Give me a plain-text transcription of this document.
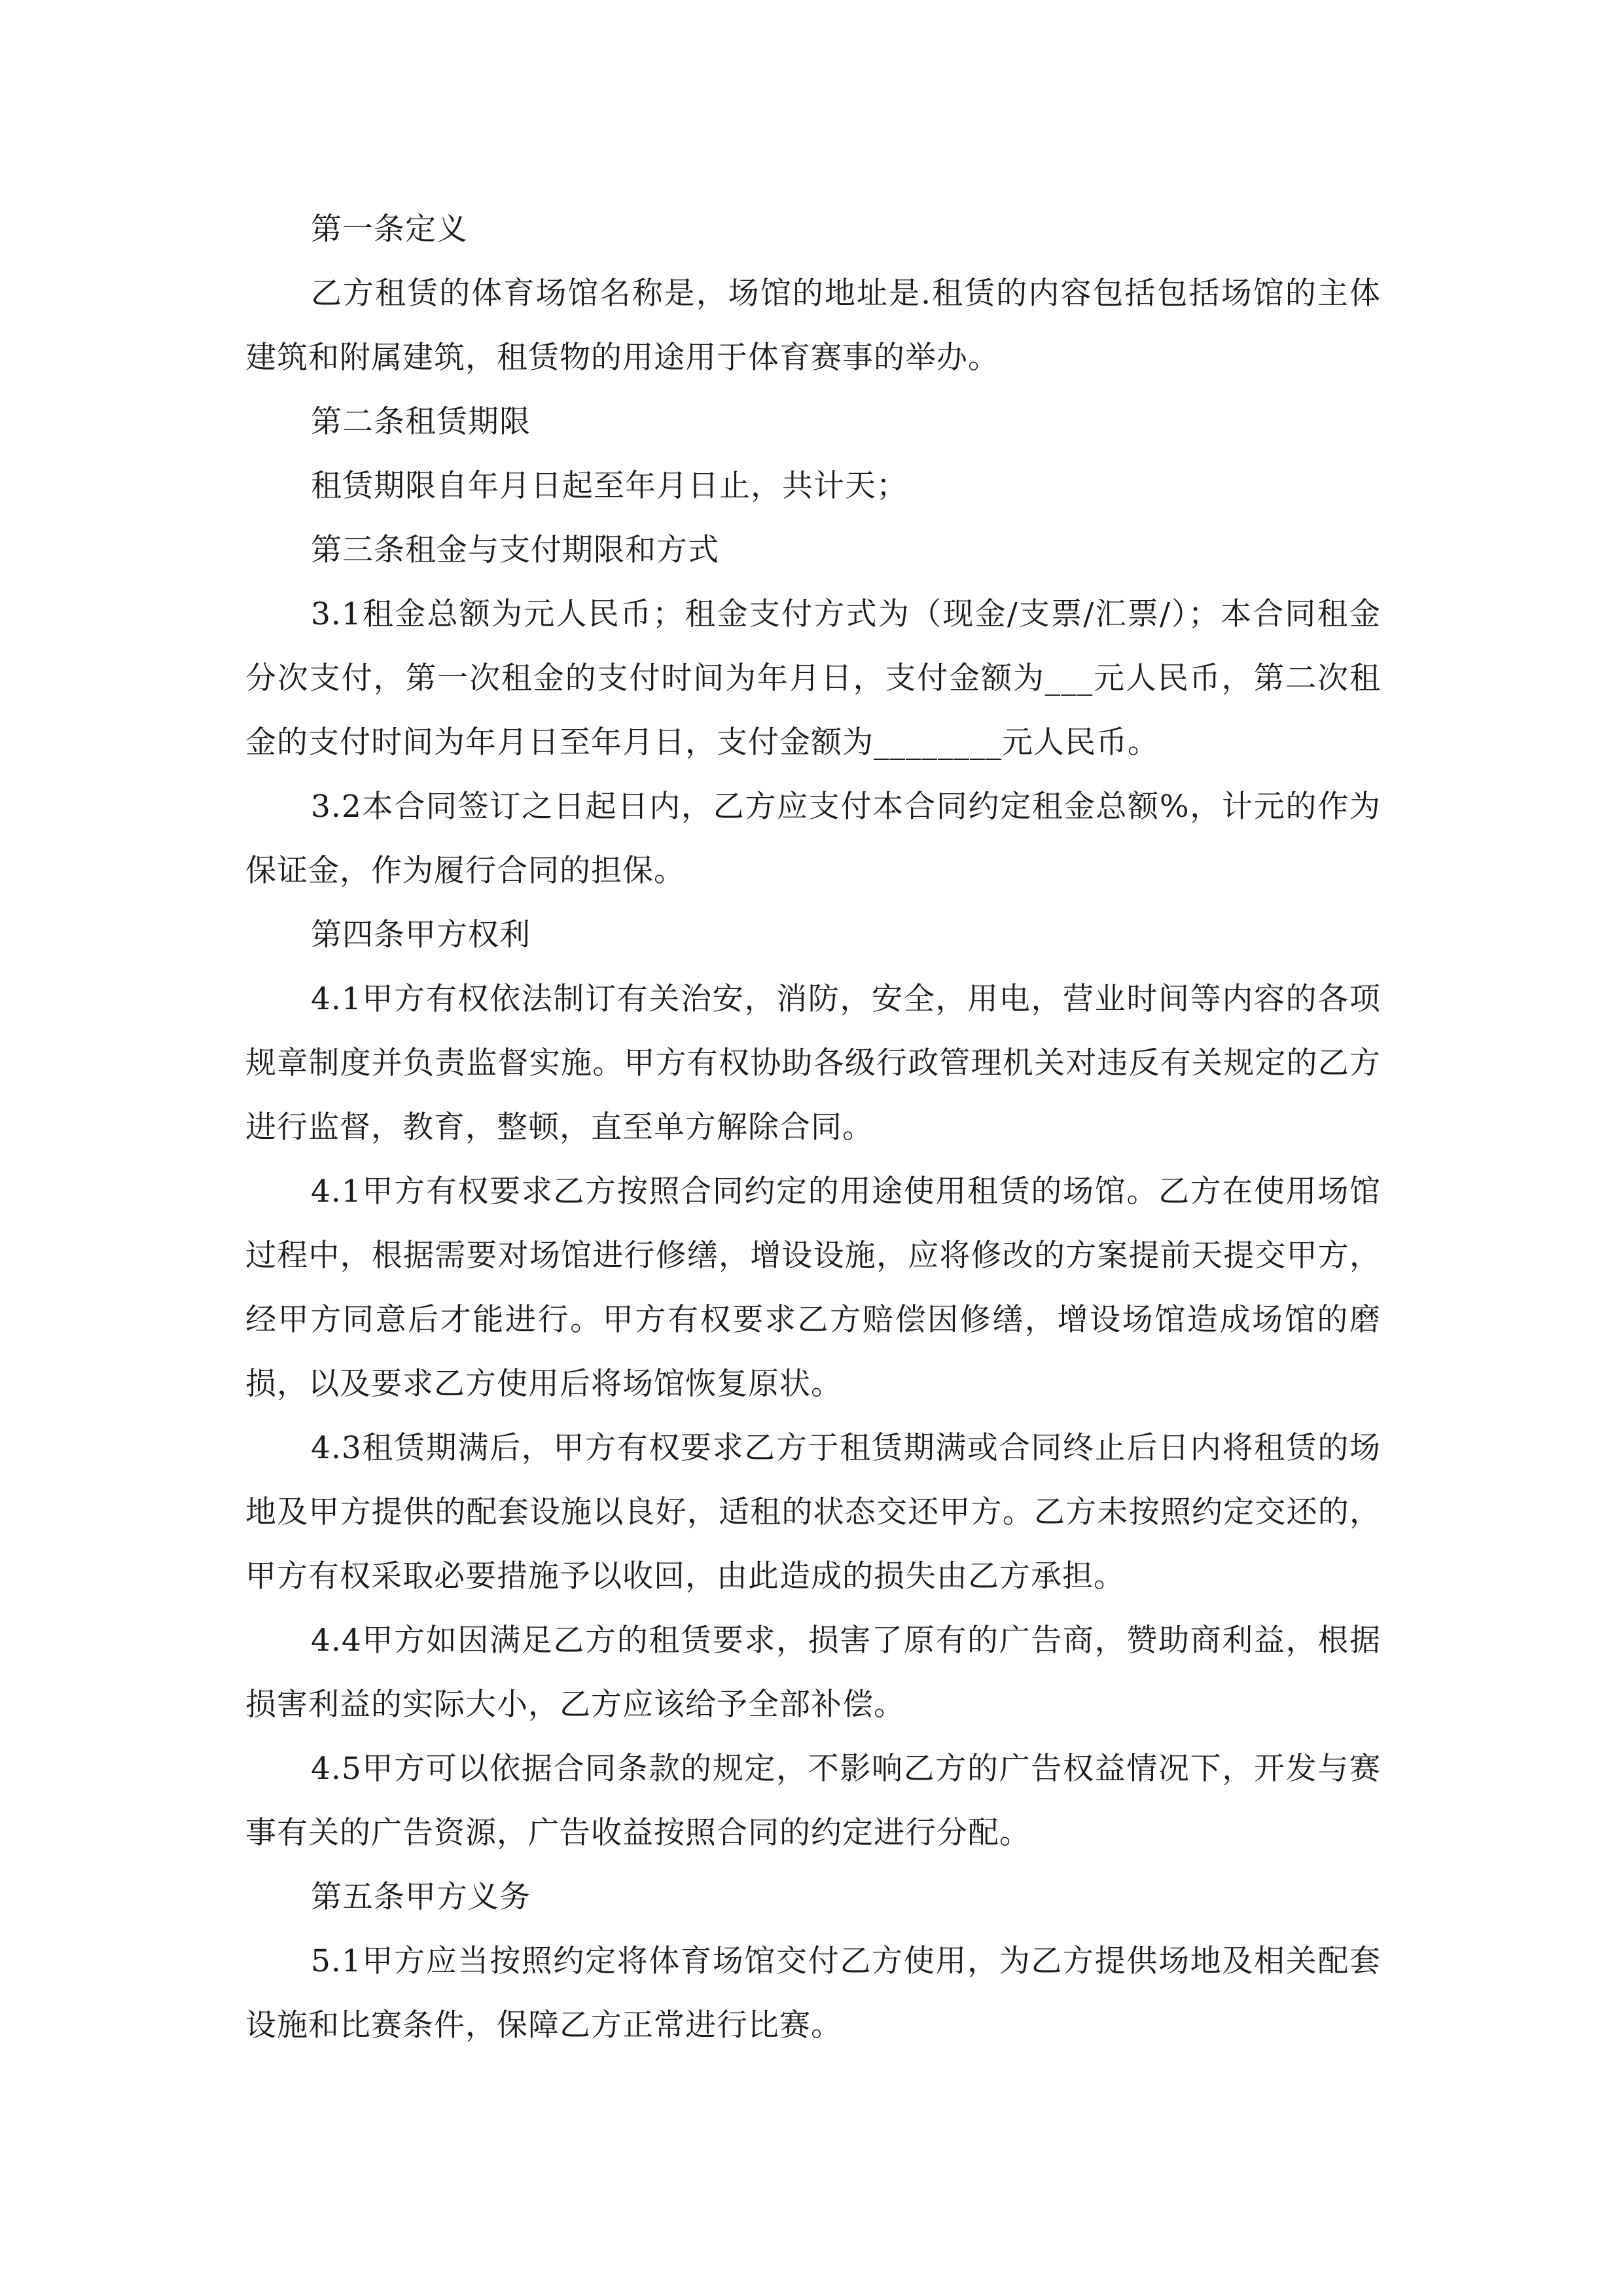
第一条定义

乙方租赁的体育场馆名称是，场馆的地址是.租赁的内容包括包括场馆的主体建筑和附属建筑，租赁物的用途用于体育赛事的举办。

第二条租赁期限

租赁期限自年月日起至年月日止，共计天；

第三条租金与支付期限和方式

3.1租金总额为元人民币；租金支付方式为（现金/支票/汇票/）；本合同租金分次支付，第一次租金的支付时间为年月日，支付金额为___元人民币，第二次租金的支付时间为年月日至年月日，支付金额为________元人民币。

3.2本合同签订之日起日内，乙方应支付本合同约定租金总额%，计元的作为保证金，作为履行合同的担保。

第四条甲方权利

4.1甲方有权依法制订有关治安，消防，安全，用电，营业时间等内容的各项规章制度并负责监督实施。甲方有权协助各级行政管理机关对违反有关规定的乙方进行监督，教育，整顿，直至单方解除合同。

4.1甲方有权要求乙方按照合同约定的用途使用租赁的场馆。乙方在使用场馆过程中，根据需要对场馆进行修缮，增设设施，应将修改的方案提前天提交甲方，经甲方同意后才能进行。甲方有权要求乙方赔偿因修缮，增设场馆造成场馆的磨损，以及要求乙方使用后将场馆恢复原状。

4.3租赁期满后，甲方有权要求乙方于租赁期满或合同终止后日内将租赁的场地及甲方提供的配套设施以良好，适租的状态交还甲方。乙方未按照约定交还的，甲方有权采取必要措施予以收回，由此造成的损失由乙方承担。

4.4甲方如因满足乙方的租赁要求，损害了原有的广告商，赞助商利益，根据损害利益的实际大小，乙方应该给予全部补偿。

4.5甲方可以依据合同条款的规定，不影响乙方的广告权益情况下，开发与赛事有关的广告资源，广告收益按照合同的约定进行分配。

第五条甲方义务

5.1甲方应当按照约定将体育场馆交付乙方使用，为乙方提供场地及相关配套设施和比赛条件，保障乙方正常进行比赛。
